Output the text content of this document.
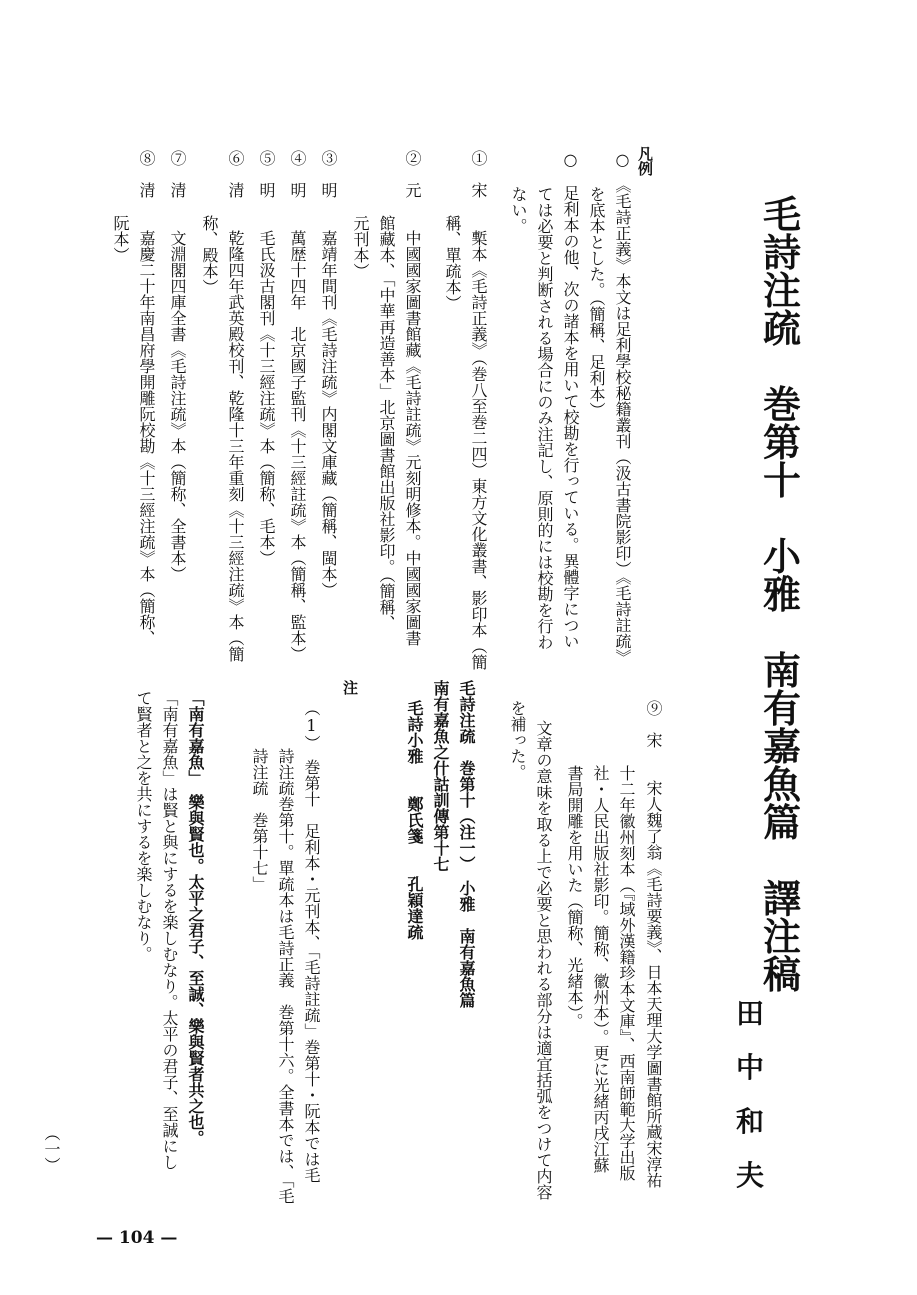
毛
詩
注
疏

巻
第
十

小
雅

南
有
嘉
魚
篇

譯
注
稿
田
中
和
夫
凡例
○　《毛詩正義》本文は足利學校秘籍叢刊（汲古書院影印）《毛詩註疏》
を底本とした。（簡稱、足利本）
○　足利本の他、次の諸本を用いて校勘を行っている。異體字につい
ては必要と判断される場合にのみ注記し、原則的には校勘を行わ
ない。
①　宋　　槧本《毛詩正義》（巻八至巻二四）東方文化叢書、影印本（簡
稱、單疏本）
②　元　　中國國家圖書館藏《毛詩註疏》元刻明修本。中國國家圖書
館藏本、「中華再造善本」北京圖書館出版社影印。（簡稱、
元刊本）
③　明　　嘉靖年間刊《毛詩注疏》内閣文庫藏（簡稱、閩本）
④　明　　萬歴十四年　北京國子監刊《十三經註疏》本（簡稱、監本）
⑤　明　　毛氏汲古閣刊《十三經注疏》本（簡称、毛本）
⑥　清　　乾隆四年武英殿校刊、乾隆十三年重刻《十三經注疏》本（簡
称、殿本）
⑦　清　　文淵閣四庫全書《毛詩注疏》本（簡称、全書本）
⑧　清　　嘉慶二十年南昌府學開雕阮校勘《十三經注疏》本（簡称、
阮本）
⑨　宋　　宋人魏了翁《毛詩要義》、日本天理大学圖書館所蔵宋淳祐
十二年徽州刻本（『域外漢籍珍本文庫』、西南師範大学出版
社・人民出版社影印。簡称、徽州本）。更に光緒丙戌江蘇
書局開雕を用いた（簡称、光緒本）。
文章の意味を取る上で必要と思われる部分は適宜括弧をつけて内容
を補った。
毛詩注疏　巻第十（注一）　小雅　南有嘉魚篇
南有嘉魚之什詁訓傳第十七
毛詩小雅　　鄭氏箋　　孔穎達疏
注
（1）　巻第十　足利本・元刊本、「毛詩註疏」巻第十・阮本では毛
詩注疏巻第十。單疏本は毛詩正義　巻第十六。全書本では、「毛
詩注疏　巻第十七」
「南有嘉魚」　樂與賢也。太平之君子、至誠、樂與賢者共之也。
「南有嘉魚」は賢と與にするを楽しむなり。太平の君子、至誠にし
て賢者と之を共にするを楽しむなり。
— 104 —
（一）
